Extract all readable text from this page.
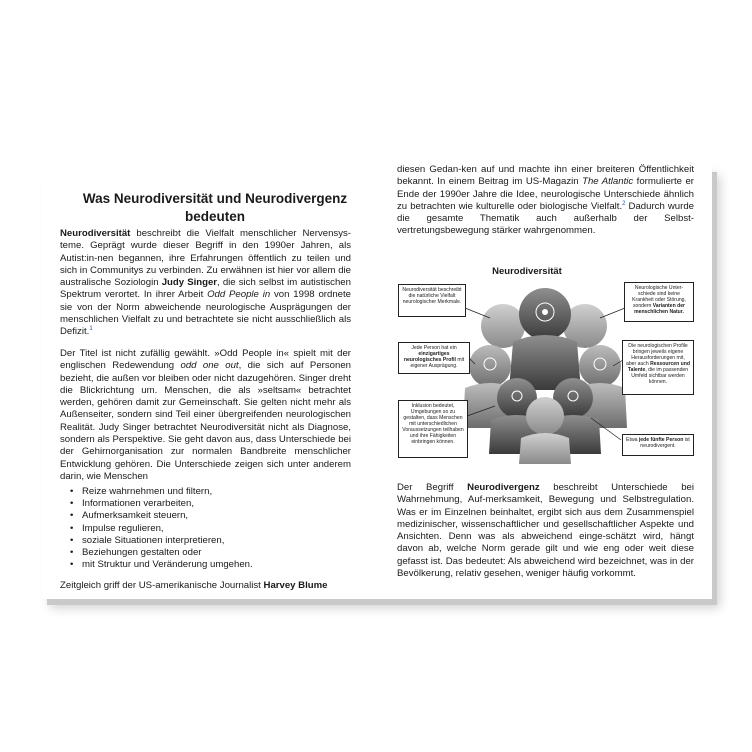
Was Neurodiversität und Neurodivergenz bedeuten

Neurodiversität beschreibt die Vielfalt menschlicher Nervensys-teme. Geprägt wurde dieser Begriff in den 1990er Jahren, als Autist:in-nen begannen, ihre Erfahrungen öffentlich zu teilen und sich in Communitys zu verbinden. Zu erwähnen ist hier vor allem die australische Soziologin Judy Singer, die sich selbst im autistischen Spektrum verortet. In ihrer Arbeit Odd People in von 1998 ordnete sie von der Norm abweichende neurologische Ausprägungen der menschlichen Vielfalt zu und betrachtete sie nicht ausschließlich als Defizit.$^1$

Der Titel ist nicht zufällig gewählt. »Odd People in« spielt mit der englischen Redewendung odd one out, die sich auf Personen bezieht, die außen vor bleiben oder nicht dazugehören. Singer dreht die Blickrichtung um. Menschen, die als »seltsam« betrachtet werden, gehören damit zur Gemeinschaft. Sie gelten nicht mehr als Außenseiter, sondern sind Teil einer übergreifenden neurologischen Realität. Judy Singer betrachtet Neurodiversität nicht als Diagnose, sondern als Perspektive. Sie geht davon aus, dass Unterschiede bei der Gehirnorganisation zur normalen Bandbreite menschlicher Entwicklung gehören. Die Unterschiede zeigen sich unter anderem darin, wie Menschen

• Reize wahrnehmen und filtern,
• Informationen verarbeiten,
• Aufmerksamkeit steuern,
• Impulse regulieren,
• soziale Situationen interpretieren,
• Beziehungen gestalten oder
• mit Struktur und Veränderung umgehen.

Zeitgleich griff der US-amerikanische Journalist Harvey Blume

diesen Gedan-ken auf und machte ihn einer breiteren Öffentlichkeit bekannt. In einem Beitrag im US-Magazin The Atlantic formulierte er Ende der 1990er Jahre die Idee, neurologische Unterschiede ähnlich zu betrachten wie kulturelle oder biologische Vielfalt.$^2$ Dadurch wurde die gesamte Thematik auch außerhalb der Selbst-vertretungsbewegung stärker wahrgenommen.

Neurodiversität
Neurodiversität beschreibt die natürliche Vielfalt neurologischer Merkmale.
Neurologische Unter-schiede sind keine Krankheit oder Störung, sondern Varianten der menschlichen Natur.
Jede Person hat ein einzigartiges neurologisches Profil mit eigener Ausprägung.
Die neurologischen Profile bringen jeweils eigene Herausforderungen mit, aber auch Ressourcen und Talente, die im passenden Umfeld sichtbar werden können.
Inklusion bedeutet, Umgebungen so zu gestalten, dass Menschen mit unterschiedlichen Voraussetzungen teilhaben und ihre Fähigkeiten einbringen können.	Etwa jede fünfte Person ist neurodivergent.

Der Begriff Neurodivergenz beschreibt Unterschiede bei Wahrnehmung, Auf-merksamkeit, Bewegung und Selbstregulation. Was er im Einzelnen beinhaltet, ergibt sich aus dem Zusammenspiel medizinischer, wissenschaftlicher und gesellschaftlicher Aspekte und Ansichten. Denn was als abweichend einge-schätzt wird, hängt davon ab, welche Norm gerade gilt und wie eng oder weit diese gefasst ist. Das bedeutet: Als abweichend wird bezeichnet, was in der Bevölkerung, relativ gesehen, weniger häufig vorkommt.
